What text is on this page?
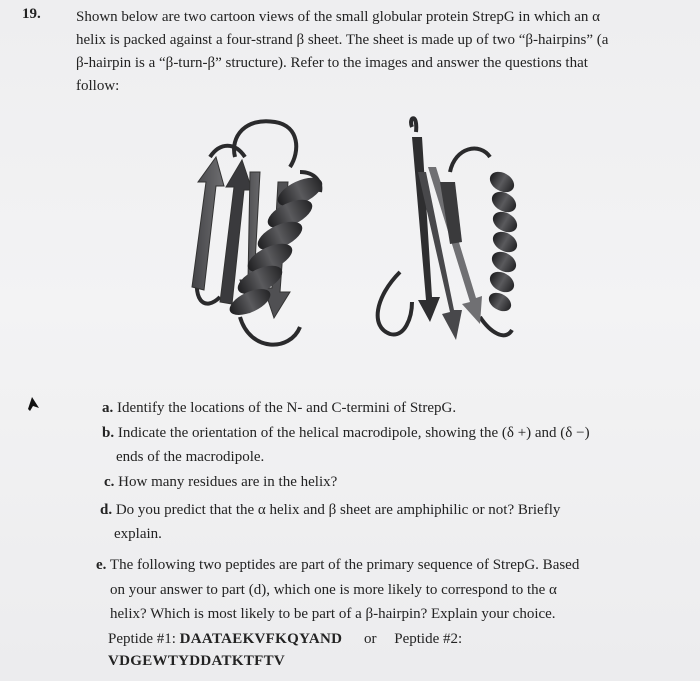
19. Shown below are two cartoon views of the small globular protein StrepG in which an α
helix is packed against a four-strand β sheet. The sheet is made up of two “β-hairpins” (a
β-hairpin is a “β-turn-β” structure). Refer to the images and answer the questions that
follow:
a. Identify the locations of the N- and C-termini of StrepG.
b. Indicate the orientation of the helical macrodipole, showing the (δ +) and (δ −)
ends of the macrodipole.
c. How many residues are in the helix?
d. Do you predict that the α helix and β sheet are amphiphilic or not? Briefly
explain.
e. The following two peptides are part of the primary sequence of StrepG. Based
on your answer to part (d), which one is more likely to correspond to the α
helix? Which is most likely to be part of a β-hairpin? Explain your choice.
Peptide #1: DAATAEKVFKQYAND or Peptide #2:
VDGEWTYDDATKTFTV
